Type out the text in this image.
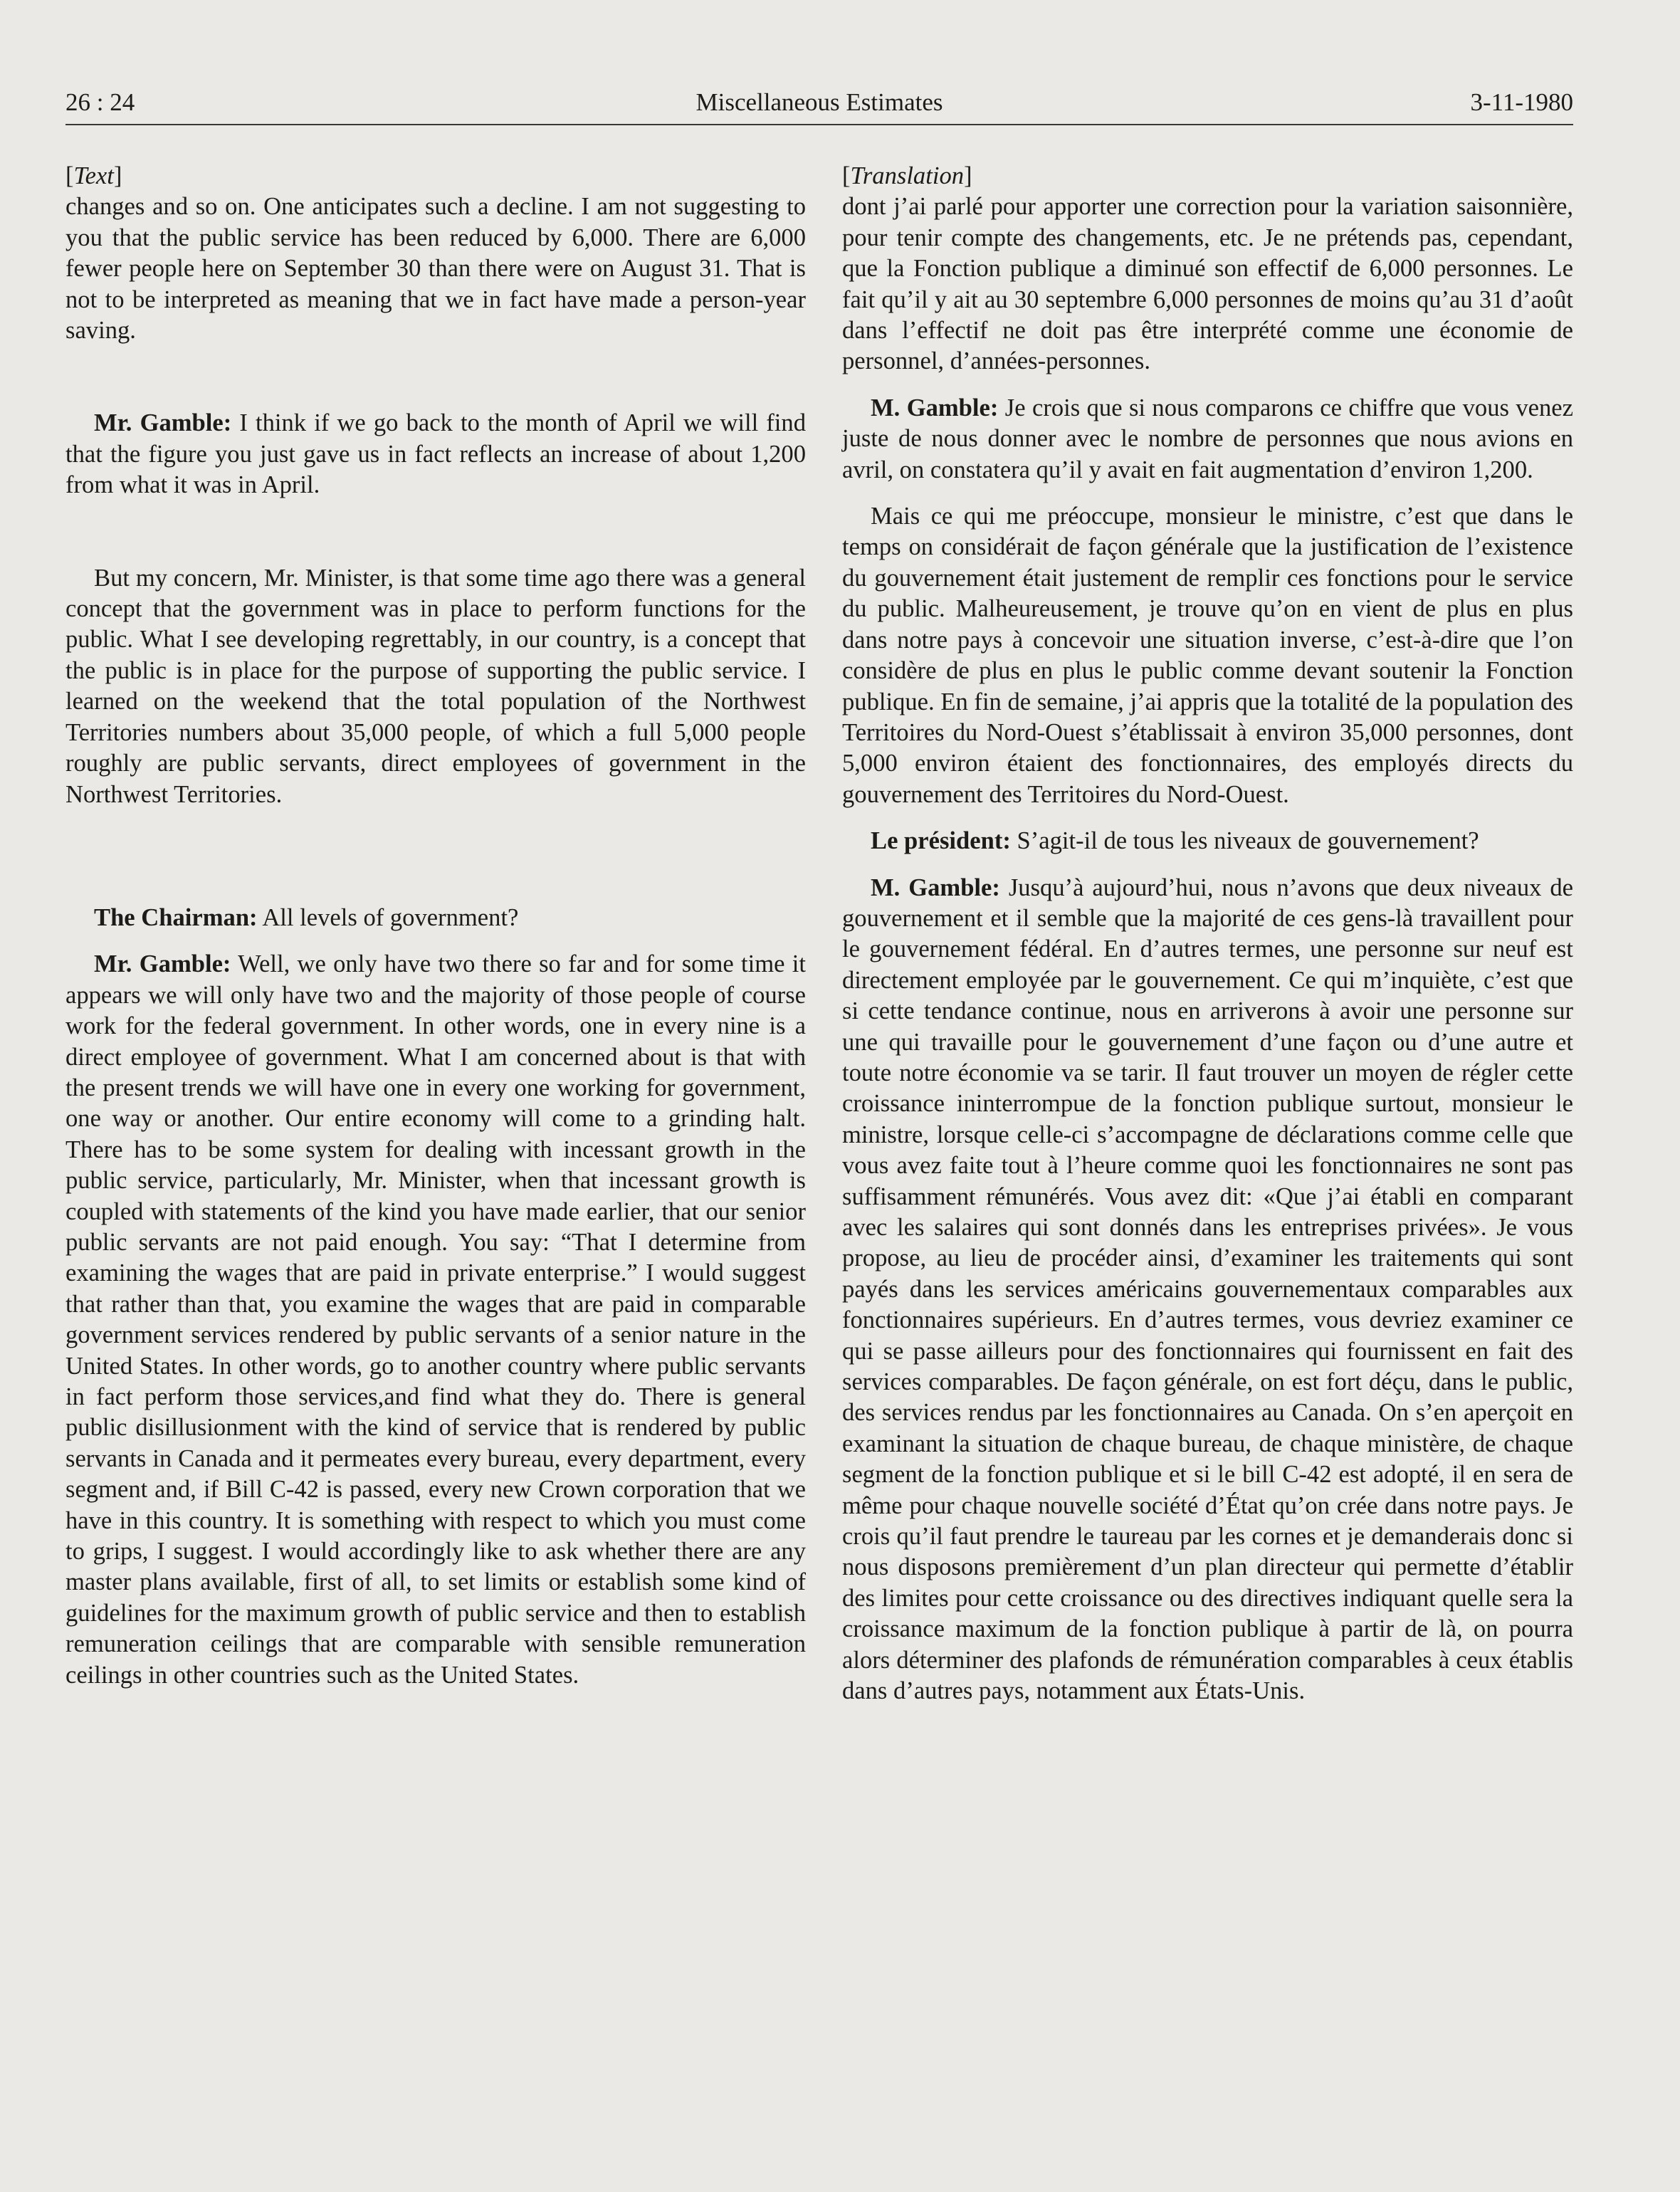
26 : 24	Miscellaneous Estimates	3-11-1980
[Text]

changes and so on. One anticipates such a decline. I am not suggesting to you that the public service has been reduced by 6,000. There are 6,000 fewer people here on September 30 than there were on August 31. That is not to be interpreted as meaning that we in fact have made a person-year saving.

Mr. Gamble: I think if we go back to the month of April we will find that the figure you just gave us in fact reflects an increase of about 1,200 from what it was in April.

But my concern, Mr. Minister, is that some time ago there was a general concept that the government was in place to perform functions for the public. What I see developing regrettably, in our country, is a concept that the public is in place for the purpose of supporting the public service. I learned on the weekend that the total population of the Northwest Territories numbers about 35,000 people, of which a full 5,000 people roughly are public servants, direct employees of government in the Northwest Territories.

The Chairman: All levels of government?

Mr. Gamble: Well, we only have two there so far and for some time it appears we will only have two and the majority of those people of course work for the federal government. In other words, one in every nine is a direct employee of government. What I am concerned about is that with the present trends we will have one in every one working for government, one way or another. Our entire economy will come to a grinding halt. There has to be some system for dealing with incessant growth in the public service, particularly, Mr. Minister, when that incessant growth is coupled with statements of the kind you have made earlier, that our senior public servants are not paid enough. You say: “That I determine from examining the wages that are paid in private enterprise.” I would suggest that rather than that, you examine the wages that are paid in comparable government services rendered by public servants of a senior nature in the United States. In other words, go to another country where public servants in fact perform those services,and find what they do. There is general public disillusionment with the kind of service that is rendered by public servants in Canada and it permeates every bureau, every department, every segment and, if Bill C-42 is passed, every new Crown corporation that we have in this country. It is something with respect to which you must come to grips, I suggest. I would accordingly like to ask whether there are any master plans available, first of all, to set limits or establish some kind of guidelines for the maximum growth of public service and then to establish remuneration ceilings that are comparable with sensible remuneration ceilings in other countries such as the United States.

[Translation]

dont j’ai parlé pour apporter une correction pour la variation saisonnière, pour tenir compte des changements, etc. Je ne prétends pas, cependant, que la Fonction publique a diminué son effectif de 6,000 personnes. Le fait qu’il y ait au 30 septembre 6,000 personnes de moins qu’au 31 d’août dans l’effectif ne doit pas être interprété comme une économie de personnel, d’années-personnes.

M. Gamble: Je crois que si nous comparons ce chiffre que vous venez juste de nous donner avec le nombre de personnes que nous avions en avril, on constatera qu’il y avait en fait augmentation d’environ 1,200.

Mais ce qui me préoccupe, monsieur le ministre, c’est que dans le temps on considérait de façon générale que la justification de l’existence du gouvernement était justement de remplir ces fonctions pour le service du public. Malheureusement, je trouve qu’on en vient de plus en plus dans notre pays à concevoir une situation inverse, c’est-à-dire que l’on considère de plus en plus le public comme devant soutenir la Fonction publique. En fin de semaine, j’ai appris que la totalité de la population des Territoires du Nord-Ouest s’établissait à environ 35,000 personnes, dont 5,000 environ étaient des fonctionnaires, des employés directs du gouvernement des Territoires du Nord-Ouest.

Le président: S’agit-il de tous les niveaux de gouvernement?

M. Gamble: Jusqu’à aujourd’hui, nous n’avons que deux niveaux de gouvernement et il semble que la majorité de ces gens-là travaillent pour le gouvernement fédéral. En d’autres termes, une personne sur neuf est directement employée par le gouvernement. Ce qui m’inquiète, c’est que si cette tendance continue, nous en arriverons à avoir une personne sur une qui travaille pour le gouvernement d’une façon ou d’une autre et toute notre économie va se tarir. Il faut trouver un moyen de régler cette croissance ininterrompue de la fonction publique surtout, monsieur le ministre, lorsque celle-ci s’accompagne de déclarations comme celle que vous avez faite tout à l’heure comme quoi les fonctionnaires ne sont pas suffisamment rémunérés. Vous avez dit: «Que j’ai établi en comparant avec les salaires qui sont donnés dans les entreprises privées». Je vous propose, au lieu de procéder ainsi, d’examiner les traitements qui sont payés dans les services américains gouvernementaux comparables aux fonctionnaires supérieurs. En d’autres termes, vous devriez examiner ce qui se passe ailleurs pour des fonctionnaires qui fournissent en fait des services comparables. De façon générale, on est fort déçu, dans le public, des services rendus par les fonctionnaires au Canada. On s’en aperçoit en examinant la situation de chaque bureau, de chaque ministère, de chaque segment de la fonction publique et si le bill C-42 est adopté, il en sera de même pour chaque nouvelle société d’État qu’on crée dans notre pays. Je crois qu’il faut prendre le taureau par les cornes et je demanderais donc si nous disposons premièrement d’un plan directeur qui permette d’établir des limites pour cette croissance ou des directives indiquant quelle sera la croissance maximum de la fonction publique à partir de là, on pourra alors déterminer des plafonds de rémunération comparables à ceux établis dans d’autres pays, notamment aux États-Unis.
